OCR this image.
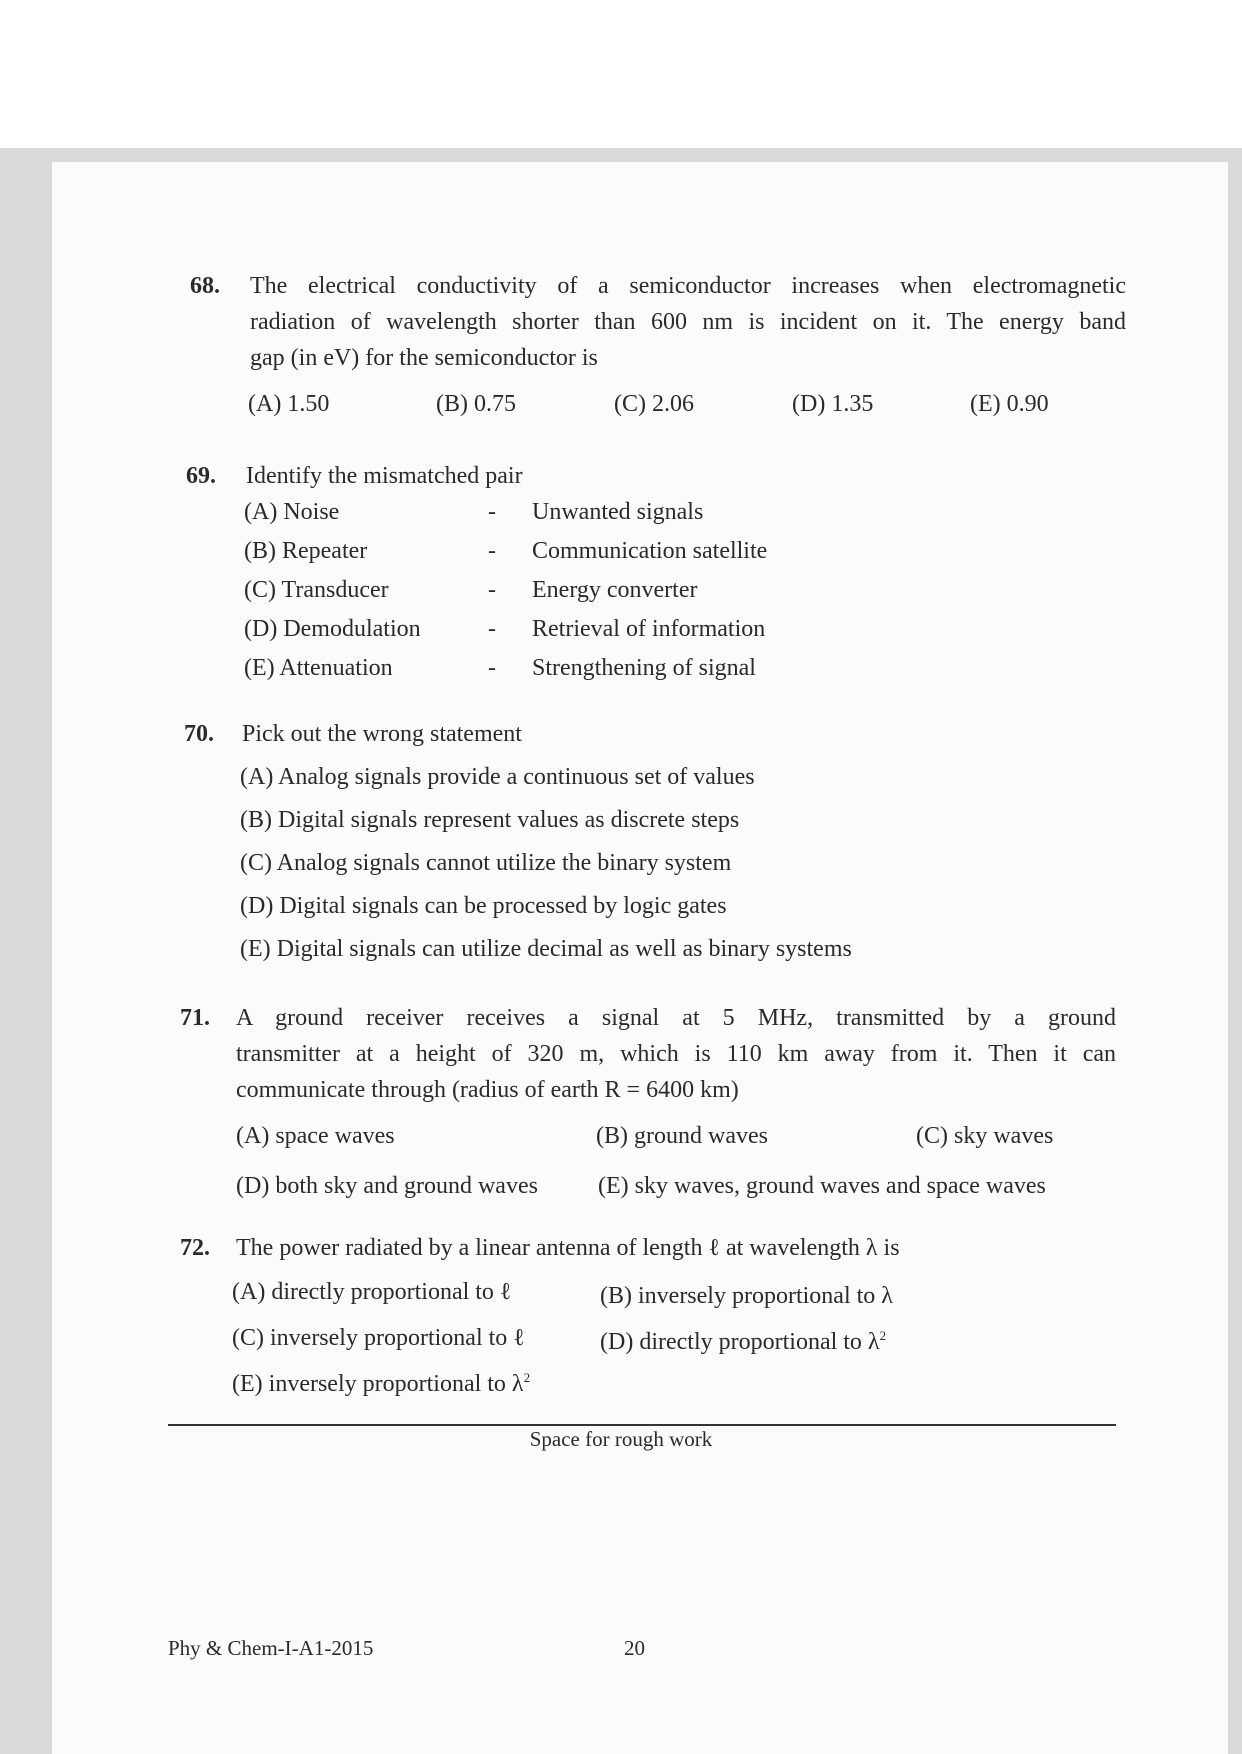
68. The electrical conductivity of a semiconductor increases when electromagnetic
radiation of wavelength shorter than 600 nm is incident on it. The energy band
gap (in eV) for the semiconductor is
(A) 1.50	(B) 0.75	(C) 2.06	(D) 1.35	(E) 0.90
69. Identify the mismatched pair
(A) Noise	- Unwanted signals
(B) Repeater	- Communication satellite
(C) Transducer	- Energy converter
(D) Demodulation	- Retrieval of information
(E) Attenuation	- Strengthening of signal
70. Pick out the wrong statement
(A) Analog signals provide a continuous set of values
(B) Digital signals represent values as discrete steps
(C) Analog signals cannot utilize the binary system
(D) Digital signals can be processed by logic gates
(E) Digital signals can utilize decimal as well as binary systems
71. A ground receiver receives a signal at 5 MHz, transmitted by a ground
transmitter at a height of 320 m, which is 110 km away from it. Then it can
communicate through (radius of earth R = 6400 km)
(A) space waves	(B) ground waves	(C) sky waves
(D) both sky and ground waves	(E) sky waves, ground waves and space waves
72. The power radiated by a linear antenna of length ℓ at wavelength λ is
(A) directly proportional to ℓ	(B) inversely proportional to λ
(C) inversely proportional to ℓ	(D) directly proportional to $\lambda^2$
(E) inversely proportional to $\lambda^2$
Space for rough work
Phy & Chem-I-A1-2015	20
